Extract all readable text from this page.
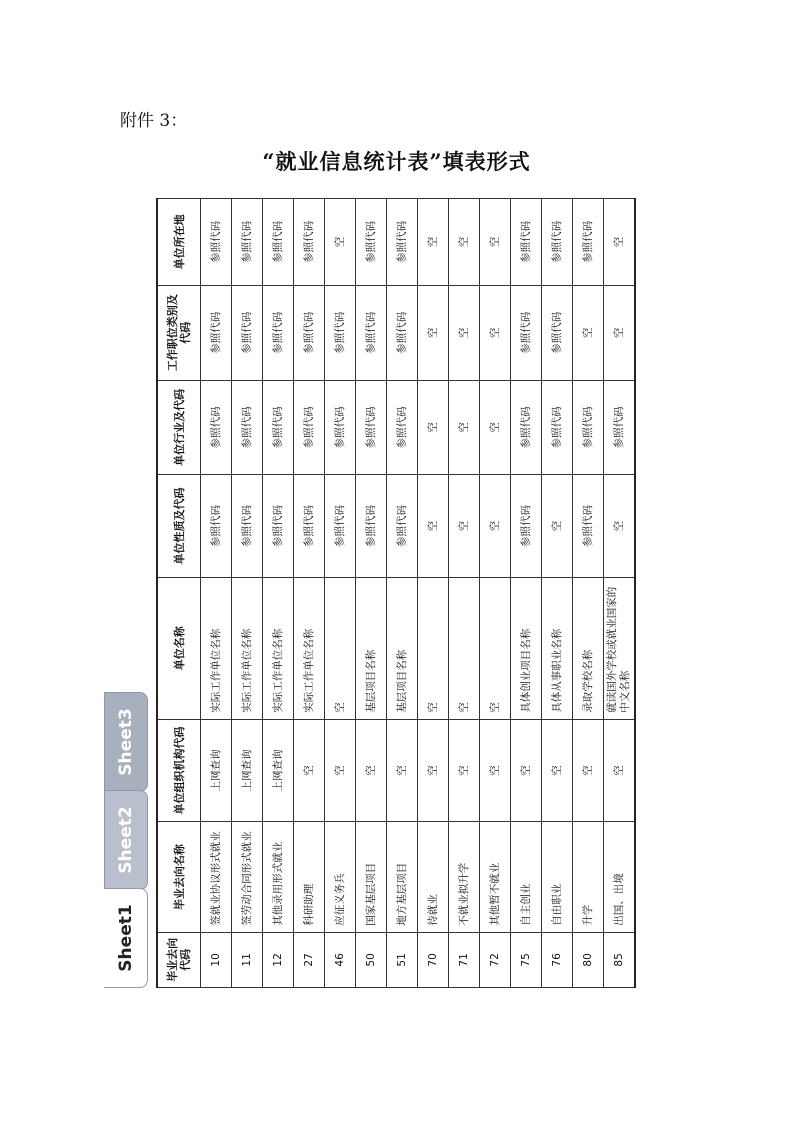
附件 3：
“就业信息统计表”填表形式
Sheet1
Sheet2
Sheet3
毕业去向代码	毕业去向名称	单位组织机构代码	单位名称	单位性质及代码	单位行业及代码	工作职位类别及代码	单位所在地
10	签就业协议形式就业	上网查询	实际工作单位名称	参照代码	参照代码	参照代码	参照代码
11	签劳动合同形式就业	上网查询	实际工作单位名称	参照代码	参照代码	参照代码	参照代码
12	其他录用形式就业	上网查询	实际工作单位名称	参照代码	参照代码	参照代码	参照代码
27	科研助理	空	实际工作单位名称	参照代码	参照代码	参照代码	参照代码
46	应征义务兵	空	空	参照代码	参照代码	参照代码	空
50	国家基层项目	空	基层项目名称	参照代码	参照代码	参照代码	参照代码
51	地方基层项目	空	基层项目名称	参照代码	参照代码	参照代码	参照代码
70	待就业	空	空	空	空	空	空
71	不就业拟升学	空	空	空	空	空	空
72	其他暂不就业	空	空	空	空	空	空
75	自主创业	空	具体创业项目名称	参照代码	参照代码	参照代码	参照代码
76	自由职业	空	具体从事职业名称	空	参照代码	参照代码	参照代码
80	升学	空	录取学校名称	参照代码	参照代码	空	参照代码
85	出国、出境	空	就读国外学校或就业国家的中文名称	空	参照代码	空	空
